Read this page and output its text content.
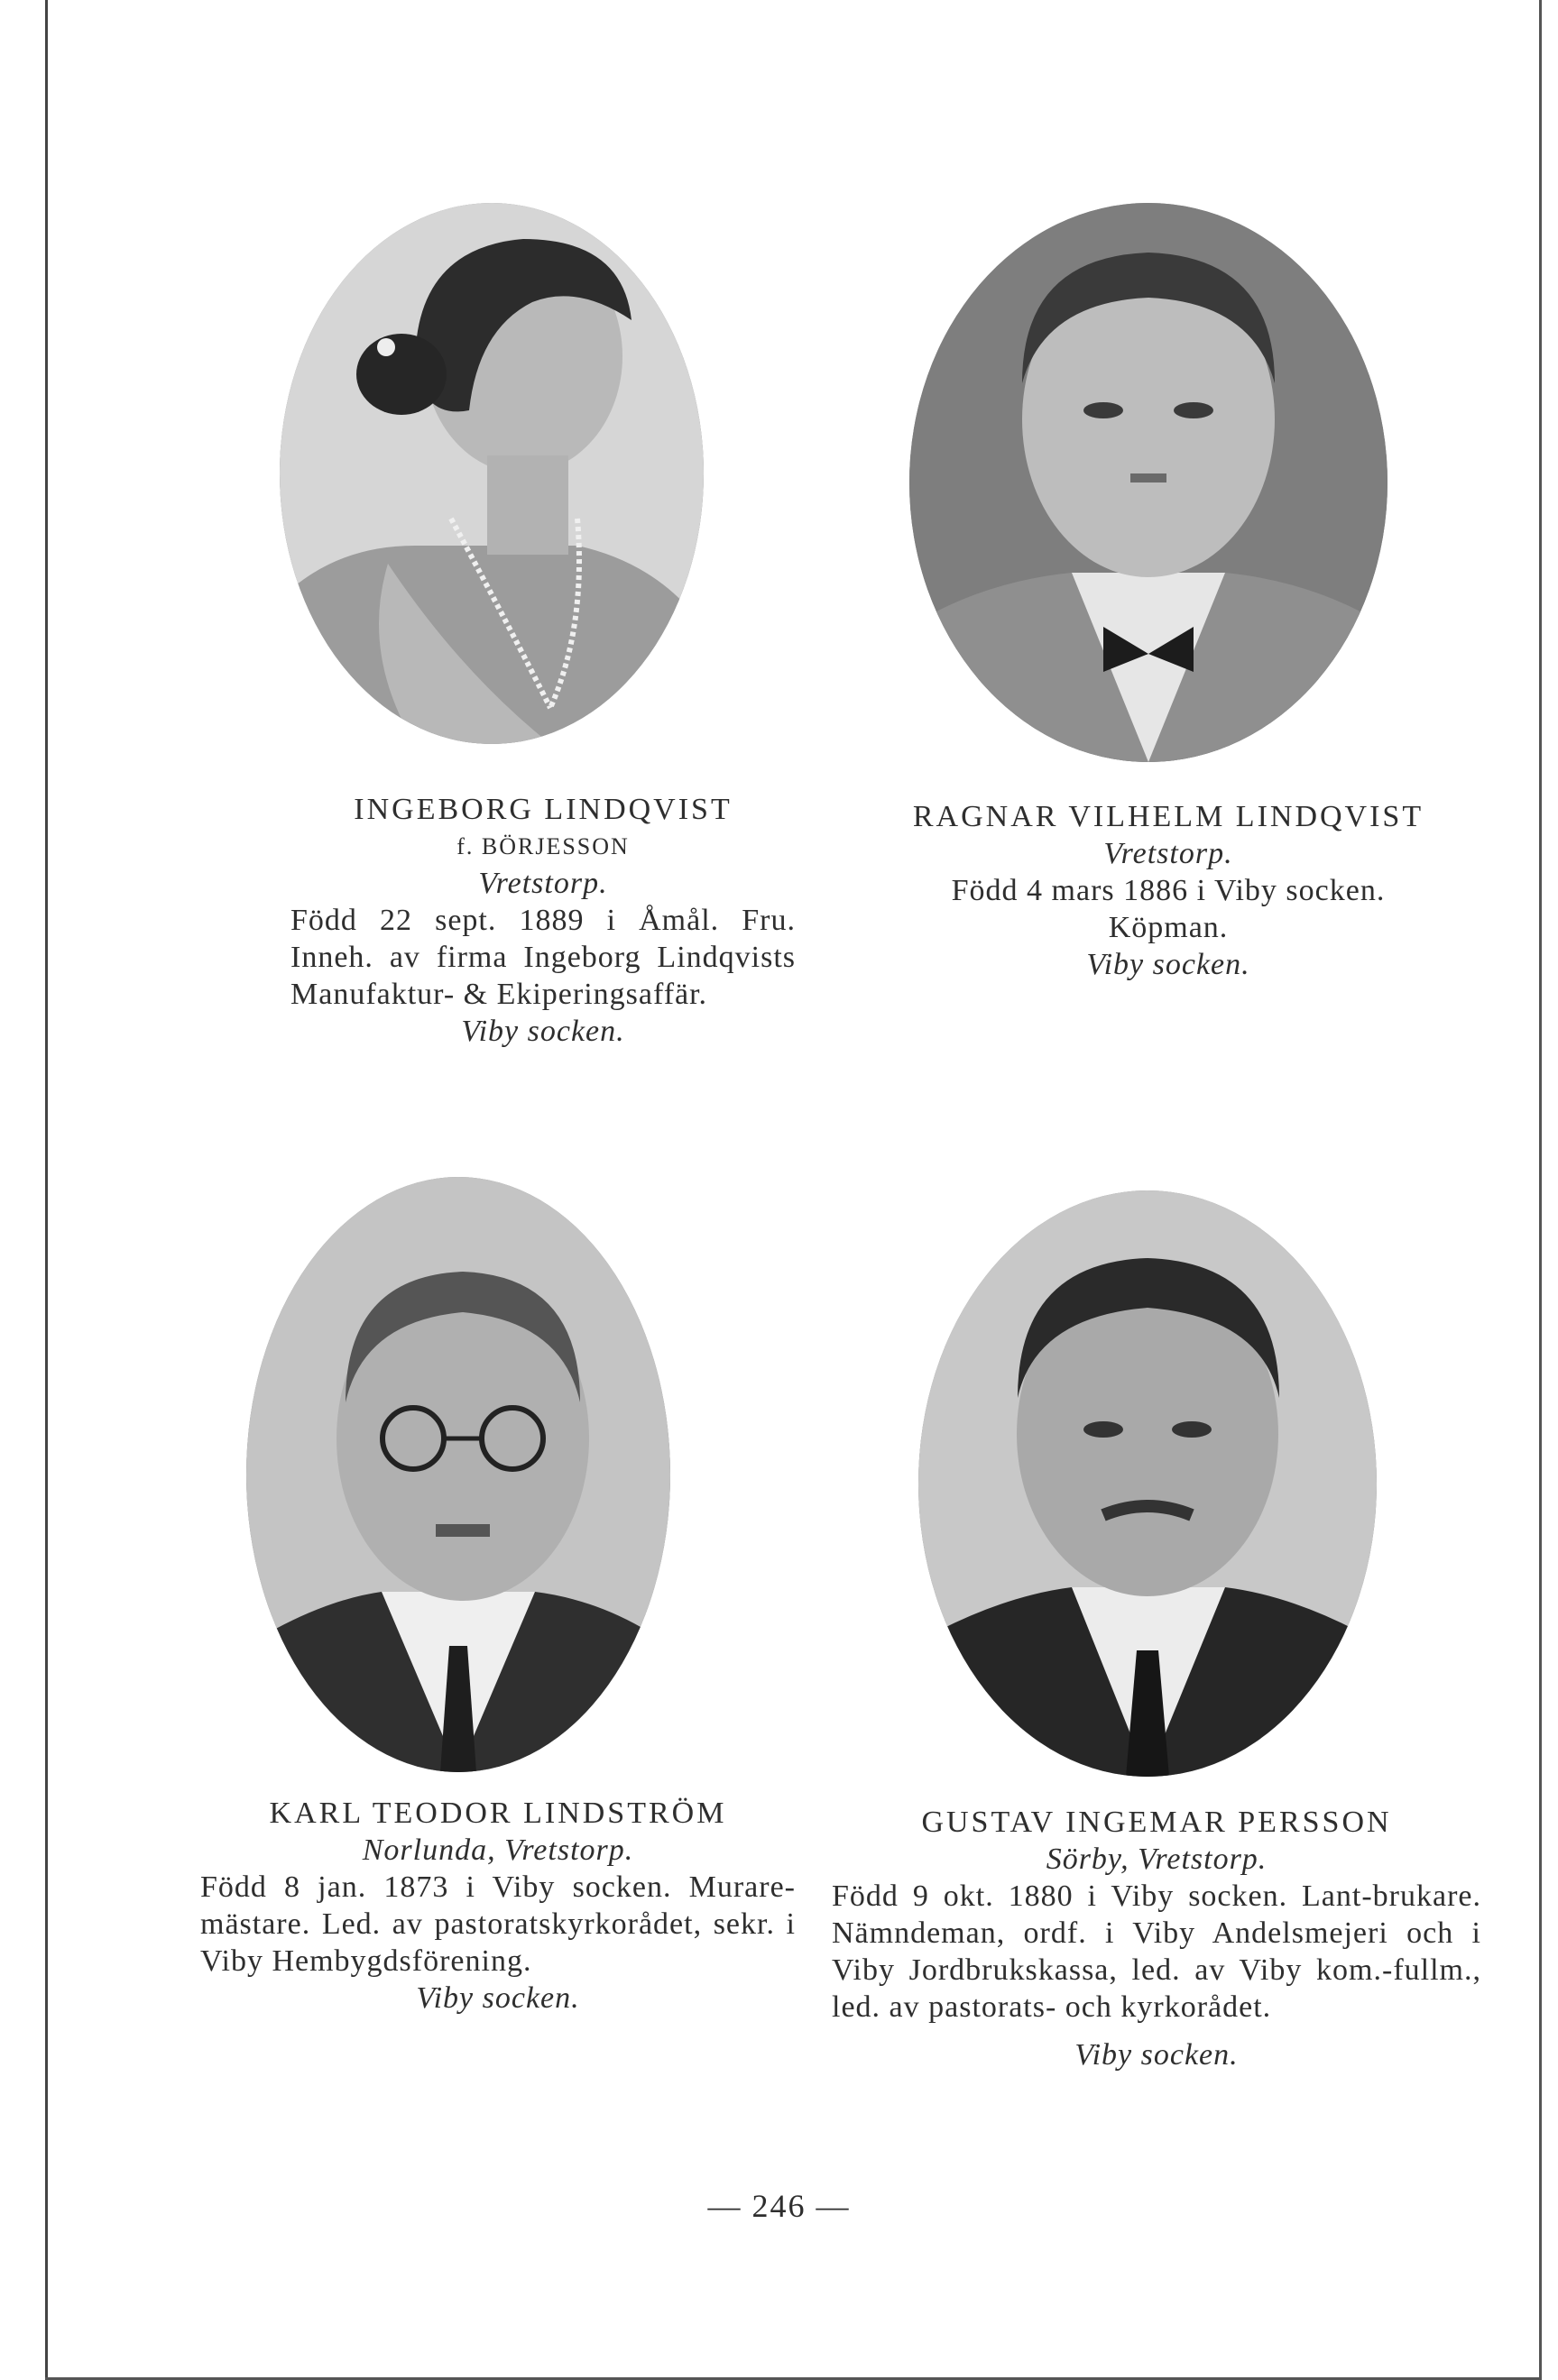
INGEBORG LINDQVIST
f. BÖRJESSON
Vretstorp.
Född 22 sept. 1889 i Åmål. Fru. Inneh. av firma Ingeborg Lindqvists Manufaktur- & Ekiperingsaffär.
Viby socken.
RAGNAR VILHELM LINDQVIST
Vretstorp.
Född 4 mars 1886 i Viby socken.
Köpman.
Viby socken.
KARL TEODOR LINDSTRÖM
Norlunda, Vretstorp.
Född 8 jan. 1873 i Viby socken. Murare-mästare. Led. av pastoratskyrkorådet, sekr. i Viby Hembygdsförening.
Viby socken.
GUSTAV INGEMAR PERSSON
Sörby, Vretstorp.
Född 9 okt. 1880 i Viby socken. Lant-brukare. Nämndeman, ordf. i Viby Andelsmejeri och i Viby Jordbrukskassa, led. av Viby kom.-fullm., led. av pastorats- och kyrkorådet.
Viby socken.
— 246 —
